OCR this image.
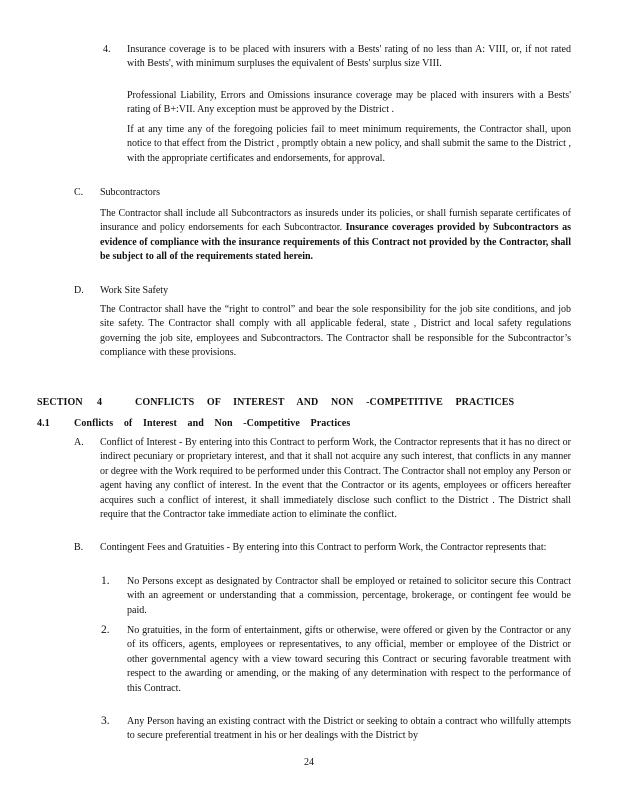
4. Insurance coverage is to be placed with insurers with a Bests' rating of no less than A: VIII, or, if not rated with Bests', with minimum surpluses the equivalent of Bests' surplus size VIII.

Professional Liability, Errors and Omissions insurance coverage may be placed with insurers with a Bests' rating of B+:VII. Any exception must be approved by the District .

If at any time any of the foregoing policies fail to meet minimum requirements, the Contractor shall, upon notice to that effect from the District , promptly obtain a new policy, and shall submit the same to the District , with the appropriate certificates and endorsements, for approval.

C. Subcontractors

The Contractor shall include all Subcontractors as insureds under its policies, or shall furnish separate certificates of insurance and policy endorsements for each Subcontractor. Insurance coverages provided by Subcontractors as evidence of compliance with the insurance requirements of this Contract not provided by the Contractor, shall be subject to all of the requirements stated herein.

D. Work Site Safety

The Contractor shall have the “right to control” and bear the sole responsibility for the job site conditions, and job site safety. The Contractor shall comply with all applicable federal, state , District and local safety regulations governing the job site, employees and Subcontractors. The Contractor shall be responsible for the Subcontractor’s compliance with these provisions.

SECTION 4	CONFLICTS OF INTEREST AND NON -COMPETITIVE PRACTICES
4.1 Conflicts of Interest and Non -Competitive Practices
A. Conflict of Interest - By entering into this Contract to perform Work, the Contractor represents that it has no direct or indirect pecuniary or proprietary interest, and that it shall not acquire any such interest, that conflicts in any manner or degree with the Work required to be performed under this Contract. The Contractor shall not employ any Person or agent having any conflict of interest. In the event that the Contractor or its agents, employees or officers hereafter acquires such a conflict of interest, it shall immediately disclose such conflict to the District . The District shall require that the Contractor take immediate action to eliminate the conflict.

B. Contingent Fees and Gratuities - By entering into this Contract to perform Work, the Contractor represents that:

1. No Persons except as designated by Contractor shall be employed or retained to solicitor secure this Contract with an agreement or understanding that a commission, percentage, brokerage, or contingent fee would be paid.

2. No gratuities, in the form of entertainment, gifts or otherwise, were offered or given by the Contractor or any of its officers, agents, employees or representatives, to any official, member or employee of the District or other governmental agency with a view toward securing this Contract or securing favorable treatment with respect to the awarding or amending, or the making of any determination with respect to the performance of this Contract.

3. Any Person having an existing contract with the District or seeking to obtain a contract who willfully attempts to secure preferential treatment in his or her dealings with the District by

24
